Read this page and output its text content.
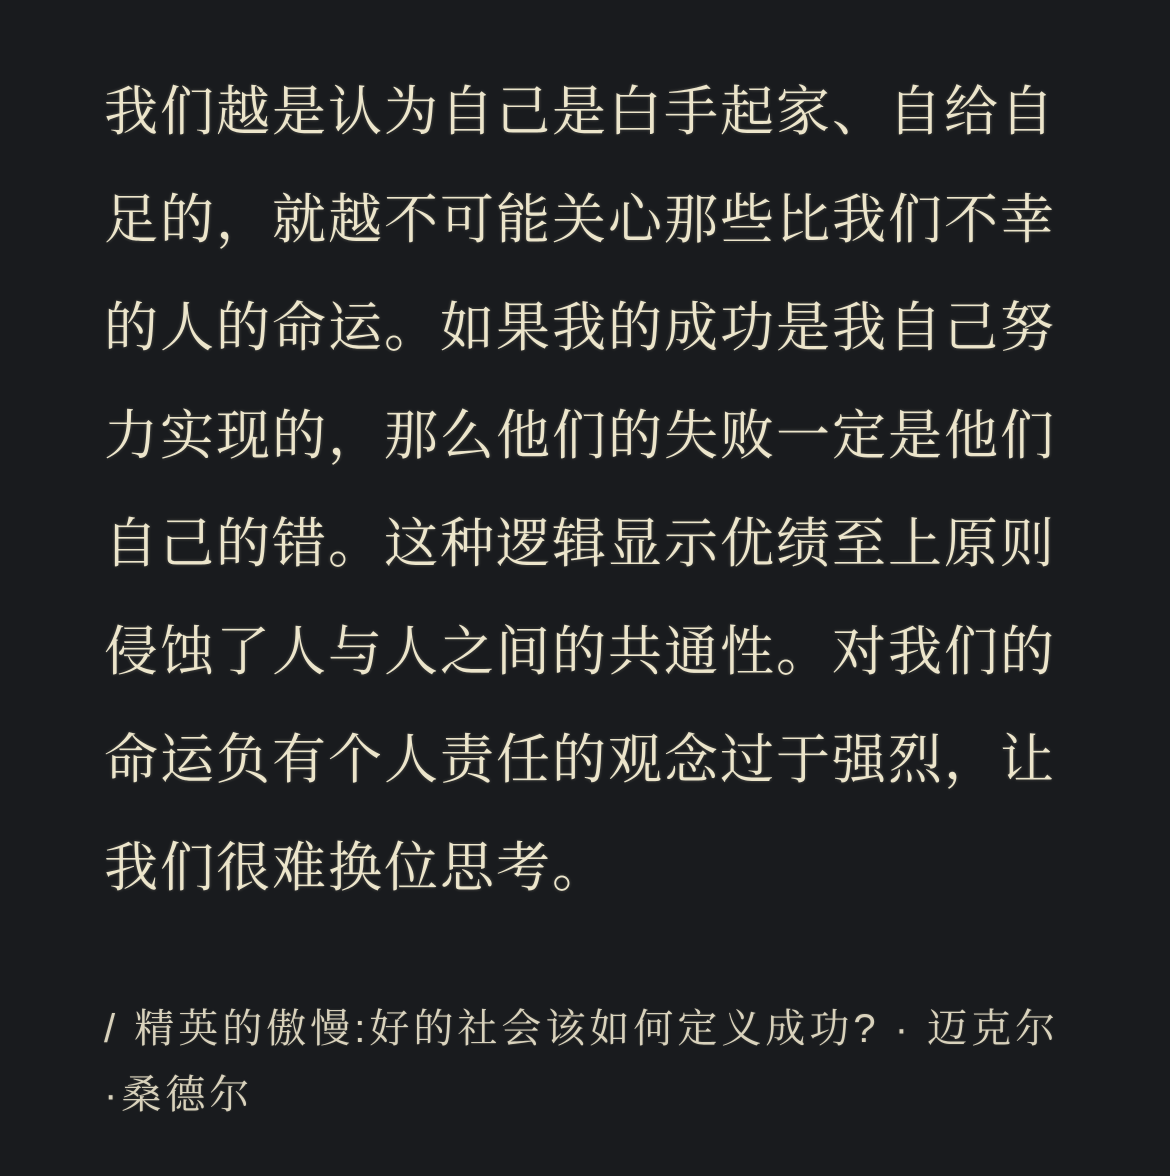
我们越是认为自己是白手起家、自给自

足的，就越不可能关心那些比我们不幸

的人的命运。如果我的成功是我自己努

力实现的，那么他们的失败一定是他们

自己的错。这种逻辑显示优绩至上原则

侵蚀了人与人之间的共通性。对我们的

命运负有个人责任的观念过于强烈，让

我们很难换位思考。

/ 精英的傲慢:好的社会该如何定义成功? · 迈克尔

·桑德尔
